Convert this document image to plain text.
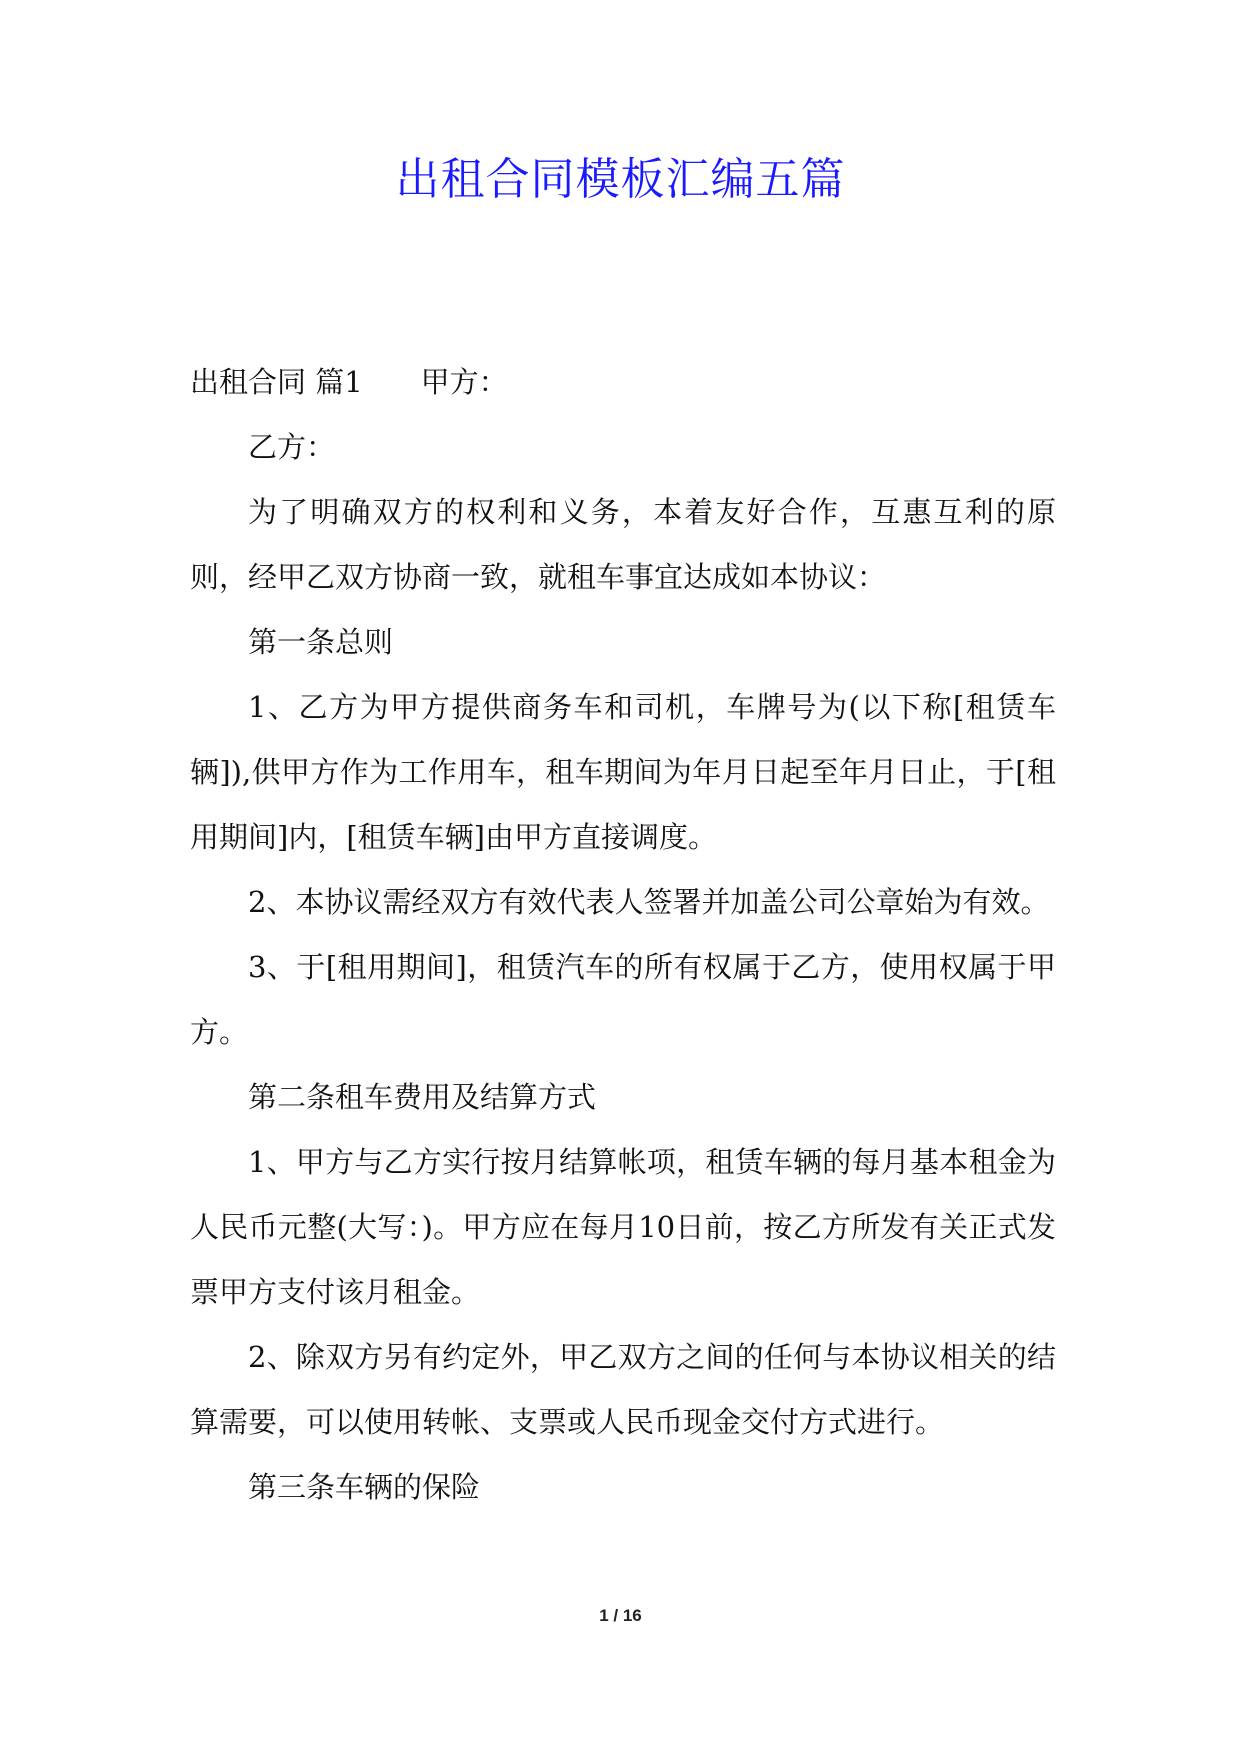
出租合同模板汇编五篇

出租合同 篇1 甲方：

乙方：

为了明确双方的权利和义务，本着友好合作，互惠互利的原则，经甲乙双方协商一致，就租车事宜达成如本协议：

第一条总则

1、乙方为甲方提供商务车和司机，车牌号为(以下称[租赁车辆]),供甲方作为工作用车，租车期间为年月日起至年月日止，于[租用期间]内，[租赁车辆]由甲方直接调度。

2、本协议需经双方有效代表人签署并加盖公司公章始为有效。

3、于[租用期间]，租赁汽车的所有权属于乙方，使用权属于甲方。

第二条租车费用及结算方式

1、甲方与乙方实行按月结算帐项，租赁车辆的每月基本租金为人民币元整(大写：)。甲方应在每月10日前，按乙方所发有关正式发票甲方支付该月租金。

2、除双方另有约定外，甲乙双方之间的任何与本协议相关的结算需要，可以使用转帐、支票或人民币现金交付方式进行。

第三条车辆的保险

1 / 16
